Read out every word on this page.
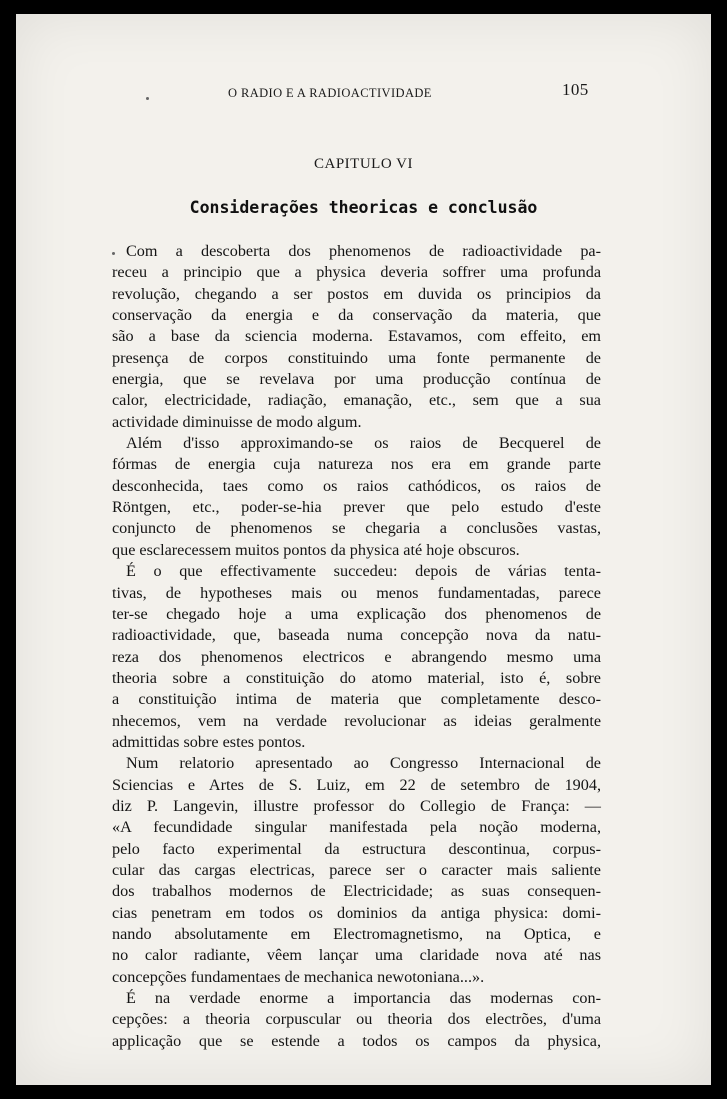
O RADIO E A RADIOACTIVIDADE	105
CAPITULO VI
Considerações theoricas e conclusão
Com a descoberta dos phenomenos de radioactividade pa-
receu a principio que a physica deveria soffrer uma profunda
revolução, chegando a ser postos em duvida os principios da
conservação da energia e da conservação da materia, que
são a base da sciencia moderna. Estavamos, com effeito, em
presença de corpos constituindo uma fonte permanente de
energia, que se revelava por uma producção contínua de
calor, electricidade, radiação, emanação, etc., sem que a sua
actividade diminuisse de modo algum.
Além d'isso approximando-se os raios de Becquerel de
fórmas de energia cuja natureza nos era em grande parte
desconhecida, taes como os raios cathódicos, os raios de
Röntgen, etc., poder-se-hia prever que pelo estudo d'este
conjuncto de phenomenos se chegaria a conclusões vastas,
que esclarecessem muitos pontos da physica até hoje obscuros.
É o que effectivamente succedeu: depois de várias tenta-
tivas, de hypotheses mais ou menos fundamentadas, parece
ter-se chegado hoje a uma explicação dos phenomenos de
radioactividade, que, baseada numa concepção nova da natu-
reza dos phenomenos electricos e abrangendo mesmo uma
theoria sobre a constituição do atomo material, isto é, sobre
a constituição intima de materia que completamente desco-
nhecemos, vem na verdade revolucionar as ideias geralmente
admittidas sobre estes pontos.
Num relatorio apresentado ao Congresso Internacional de
Sciencias e Artes de S. Luiz, em 22 de setembro de 1904,
diz P. Langevin, illustre professor do Collegio de França: —
«A fecundidade singular manifestada pela noção moderna,
pelo facto experimental da estructura descontinua, corpus-
cular das cargas electricas, parece ser o caracter mais saliente
dos trabalhos modernos de Electricidade; as suas consequen-
cias penetram em todos os dominios da antiga physica: domi-
nando absolutamente em Electromagnetismo, na Optica, e
no calor radiante, vêem lançar uma claridade nova até nas
concepções fundamentaes de mechanica newotoniana...».
É na verdade enorme a importancia das modernas con-
cepções: a theoria corpuscular ou theoria dos electrões, d'uma
applicação que se estende a todos os campos da physica,
